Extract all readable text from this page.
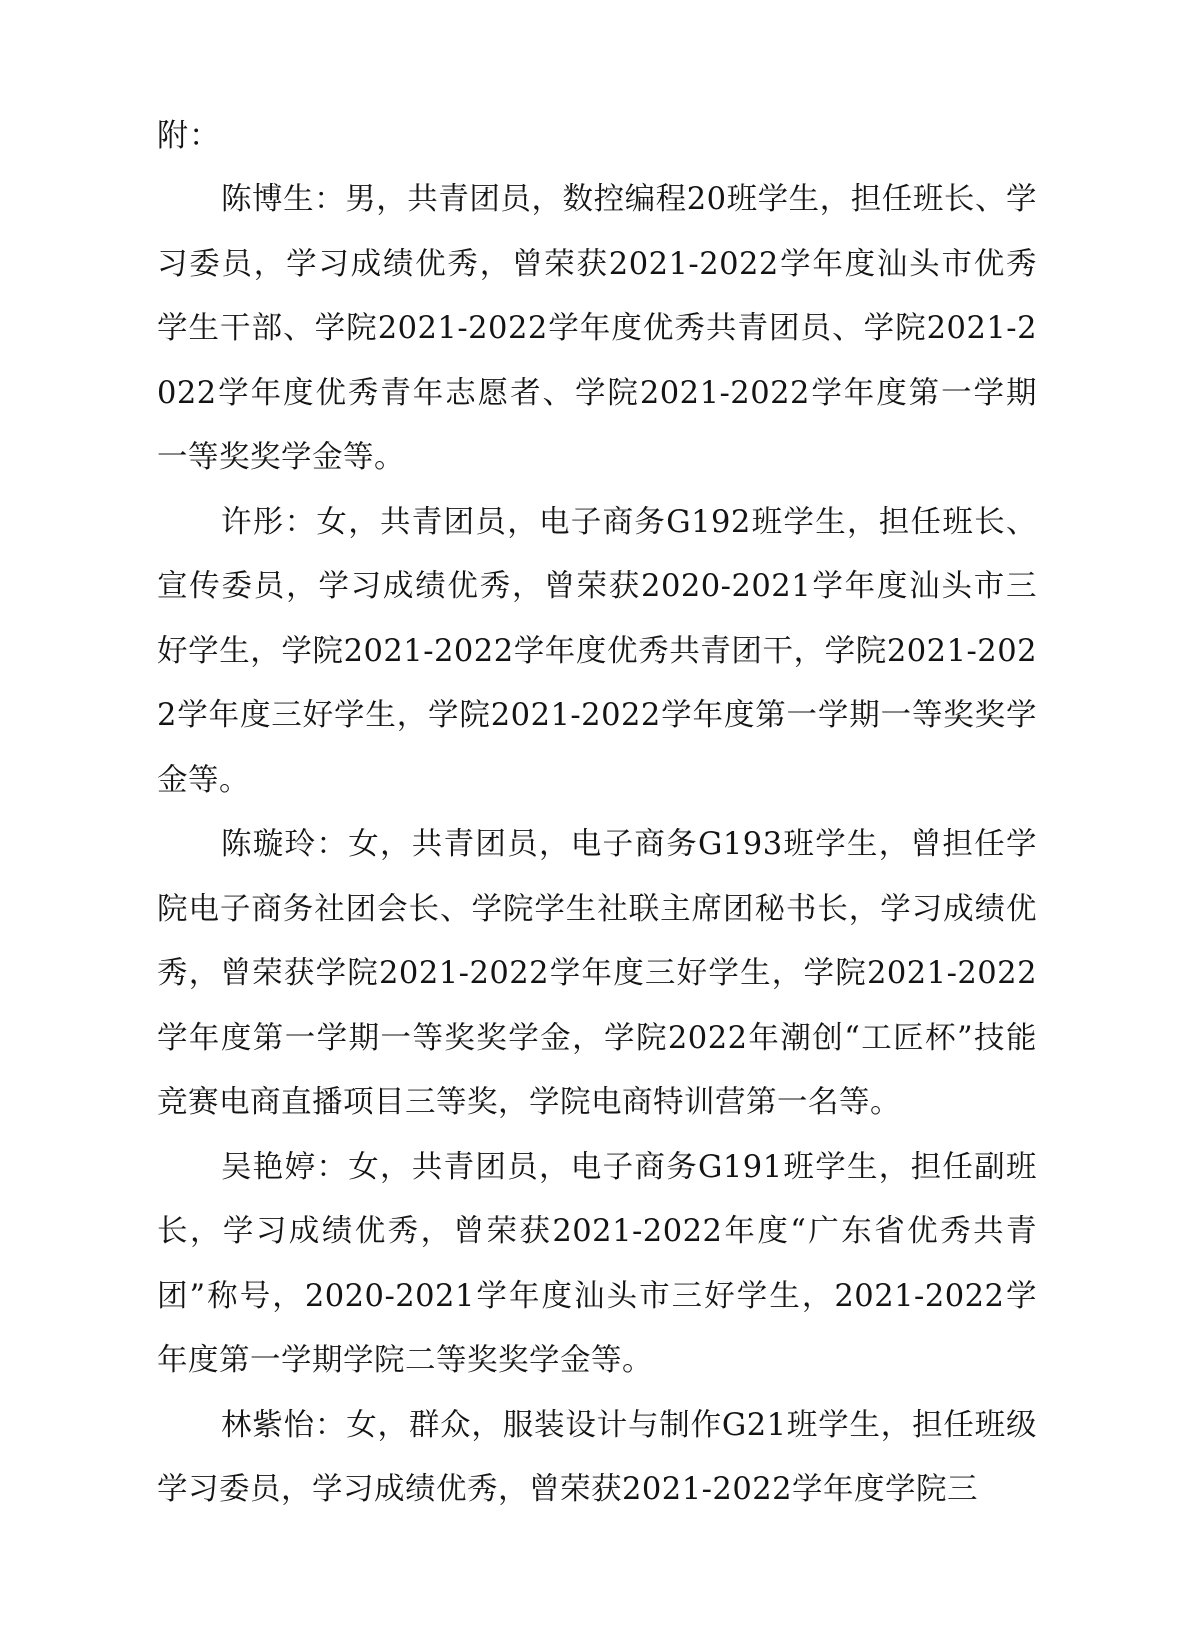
附：

陈博生：男，共青团员，数控编程20班学生，担任班长、学习委员，学习成绩优秀，曾荣获2021-2022学年度汕头市优秀学生干部、学院2021-2022学年度优秀共青团员、学院2021-2022学年度优秀青年志愿者、学院2021-2022学年度第一学期一等奖奖学金等。

许彤：女，共青团员，电子商务G192班学生，担任班长、宣传委员，学习成绩优秀，曾荣获2020-2021学年度汕头市三好学生，学院2021-2022学年度优秀共青团干，学院2021-2022学年度三好学生，学院2021-2022学年度第一学期一等奖奖学金等。

陈璇玲：女，共青团员，电子商务G193班学生，曾担任学院电子商务社团会长、学院学生社联主席团秘书长，学习成绩优秀，曾荣获学院2021-2022学年度三好学生，学院2021-2022学年度第一学期一等奖奖学金，学院2022年潮创“工匠杯”技能竞赛电商直播项目三等奖，学院电商特训营第一名等。

吴艳婷：女，共青团员，电子商务G191班学生，担任副班长，学习成绩优秀，曾荣获2021-2022年度“广东省优秀共青团”称号，2020-2021学年度汕头市三好学生，2021-2022学年度第一学期学院二等奖奖学金等。

林紫怡：女，群众，服装设计与制作G21班学生，担任班级学习委员，学习成绩优秀，曾荣获2021-2022学年度学院三
